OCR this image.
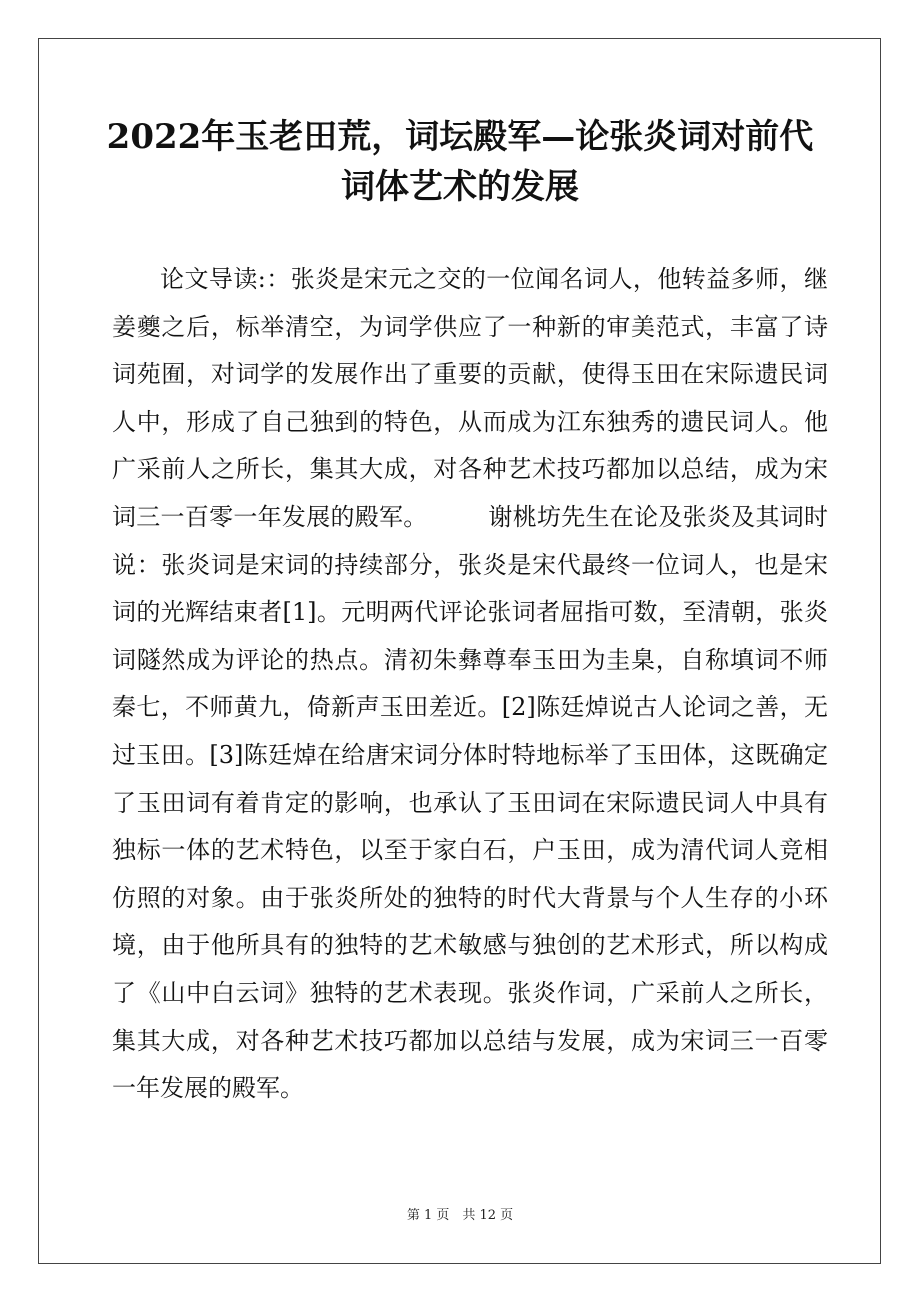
2022年玉老田荒，词坛殿军—论张炎词对前代
词体艺术的发展

论文导读:：张炎是宋元之交的一位闻名词人，他转益多师，继姜夔之后，标举清空，为词学供应了一种新的审美范式，丰富了诗词苑囿，对词学的发展作出了重要的贡献，使得玉田在宋际遗民词人中，形成了自己独到的特色，从而成为江东独秀的遗民词人。他广采前人之所长，集其大成，对各种艺术技巧都加以总结，成为宋词三一百零一年发展的殿军。　　　谢桃坊先生在论及张炎及其词时说：张炎词是宋词的持续部分，张炎是宋代最终一位词人，也是宋词的光辉结束者[1]。元明两代评论张词者屈指可数，至清朝，张炎词隧然成为评论的热点。清初朱彝尊奉玉田为圭臬，自称填词不师秦七，不师黄九，倚新声玉田差近。[2]陈廷焯说古人论词之善，无过玉田。[3]陈廷焯在给唐宋词分体时特地标举了玉田体，这既确定了玉田词有着肯定的影响，也承认了玉田词在宋际遗民词人中具有独标一体的艺术特色，以至于家白石，户玉田，成为清代词人竞相仿照的对象。由于张炎所处的独特的时代大背景与个人生存的小环境，由于他所具有的独特的艺术敏感与独创的艺术形式，所以构成了《山中白云词》独特的艺术表现。张炎作词，广采前人之所长，集其大成，对各种艺术技巧都加以总结与发展，成为宋词三一百零一年发展的殿军。

第 1 页　共 12 页
